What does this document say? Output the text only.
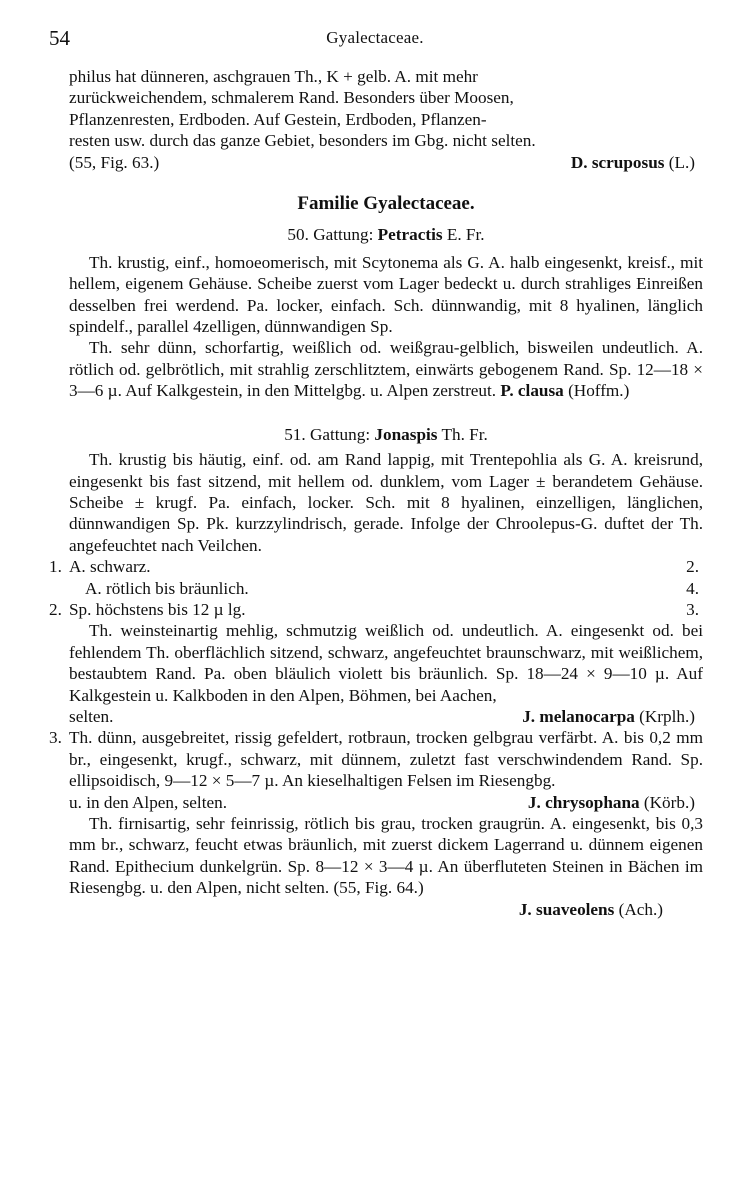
54	Gyalectaceae.
philus hat dünneren, aschgrauen Th., K + gelb. A. mit mehr
zurückweichendem, schmalerem Rand. Besonders über Moosen,
Pflanzenresten, Erdboden. Auf Gestein, Erdboden, Pflanzen-
resten usw. durch das ganze Gebiet, besonders im Gbg. nicht selten.
(55, Fig. 63.)	D. scruposus (L.)

Familie Gyalectaceae.

50. Gattung: Petractis E. Fr.

Th. krustig, einf., homoeomerisch, mit Scytonema als G. A. halb eingesenkt, kreisf., mit hellem, eigenem Gehäuse. Scheibe zuerst vom Lager bedeckt u. durch strahliges Einreißen desselben frei werdend. Pa. locker, einfach. Sch. dünnwandig, mit 8 hyalinen, länglich spindelf., parallel 4zelligen, dünnwandigen Sp.

Th. sehr dünn, schorfartig, weißlich od. weißgrau-gelblich, bisweilen undeutlich. A. rötlich od. gelbrötlich, mit strahlig zerschlitztem, einwärts gebogenem Rand. Sp. 12—18 × 3—6 µ. Auf Kalkgestein, in den Mittelgbg. u. Alpen zerstreut. P. clausa (Hoffm.)

51. Gattung: Jonaspis Th. Fr.

Th. krustig bis häutig, einf. od. am Rand lappig, mit Trentepohlia als G. A. kreisrund, eingesenkt bis fast sitzend, mit hellem od. dunklem, vom Lager ± berandetem Gehäuse. Scheibe ± krugf. Pa. einfach, locker. Sch. mit 8 hyalinen, einzelligen, länglichen, dünnwandigen Sp. Pk. kurzzylindrisch, gerade. Infolge der Chroolepus-G. duftet der Th. angefeuchtet nach Veilchen.

1. A. schwarz.	2.
A. rötlich bis bräunlich.	4.
2. Sp. höchstens bis 12 µ lg.	3.

Th. weinsteinartig mehlig, schmutzig weißlich od. undeutlich. A. eingesenkt od. bei fehlendem Th. oberflächlich sitzend, schwarz, angefeuchtet braunschwarz, mit weißlichem, bestaubtem Rand. Pa. oben bläulich violett bis bräunlich. Sp. 18—24 × 9—10 µ. Auf Kalkgestein u. Kalkboden in den Alpen, Böhmen, bei Aachen,

selten.	J. melanocarpa (Krplh.)
3. Th. dünn, ausgebreitet, rissig gefeldert, rotbraun, trocken gelbgrau verfärbt. A. bis 0,2 mm br., eingesenkt, krugf., schwarz, mit dünnem, zuletzt fast verschwindendem Rand. Sp. ellipsoidisch, 9—12 × 5—7 µ. An kieselhaltigen Felsen im Riesengbg.

u. in den Alpen, selten.	J. chrysophana (Körb.)

Th. firnisartig, sehr feinrissig, rötlich bis grau, trocken graugrün. A. eingesenkt, bis 0,3 mm br., schwarz, feucht etwas bräunlich, mit zuerst dickem Lagerrand u. dünnem eigenen Rand. Epithecium dunkelgrün. Sp. 8—12 × 3—4 µ. An überfluteten Steinen in Bächen im Riesengbg. u. den Alpen, nicht selten. (55, Fig. 64.)

J. suaveolens (Ach.)
